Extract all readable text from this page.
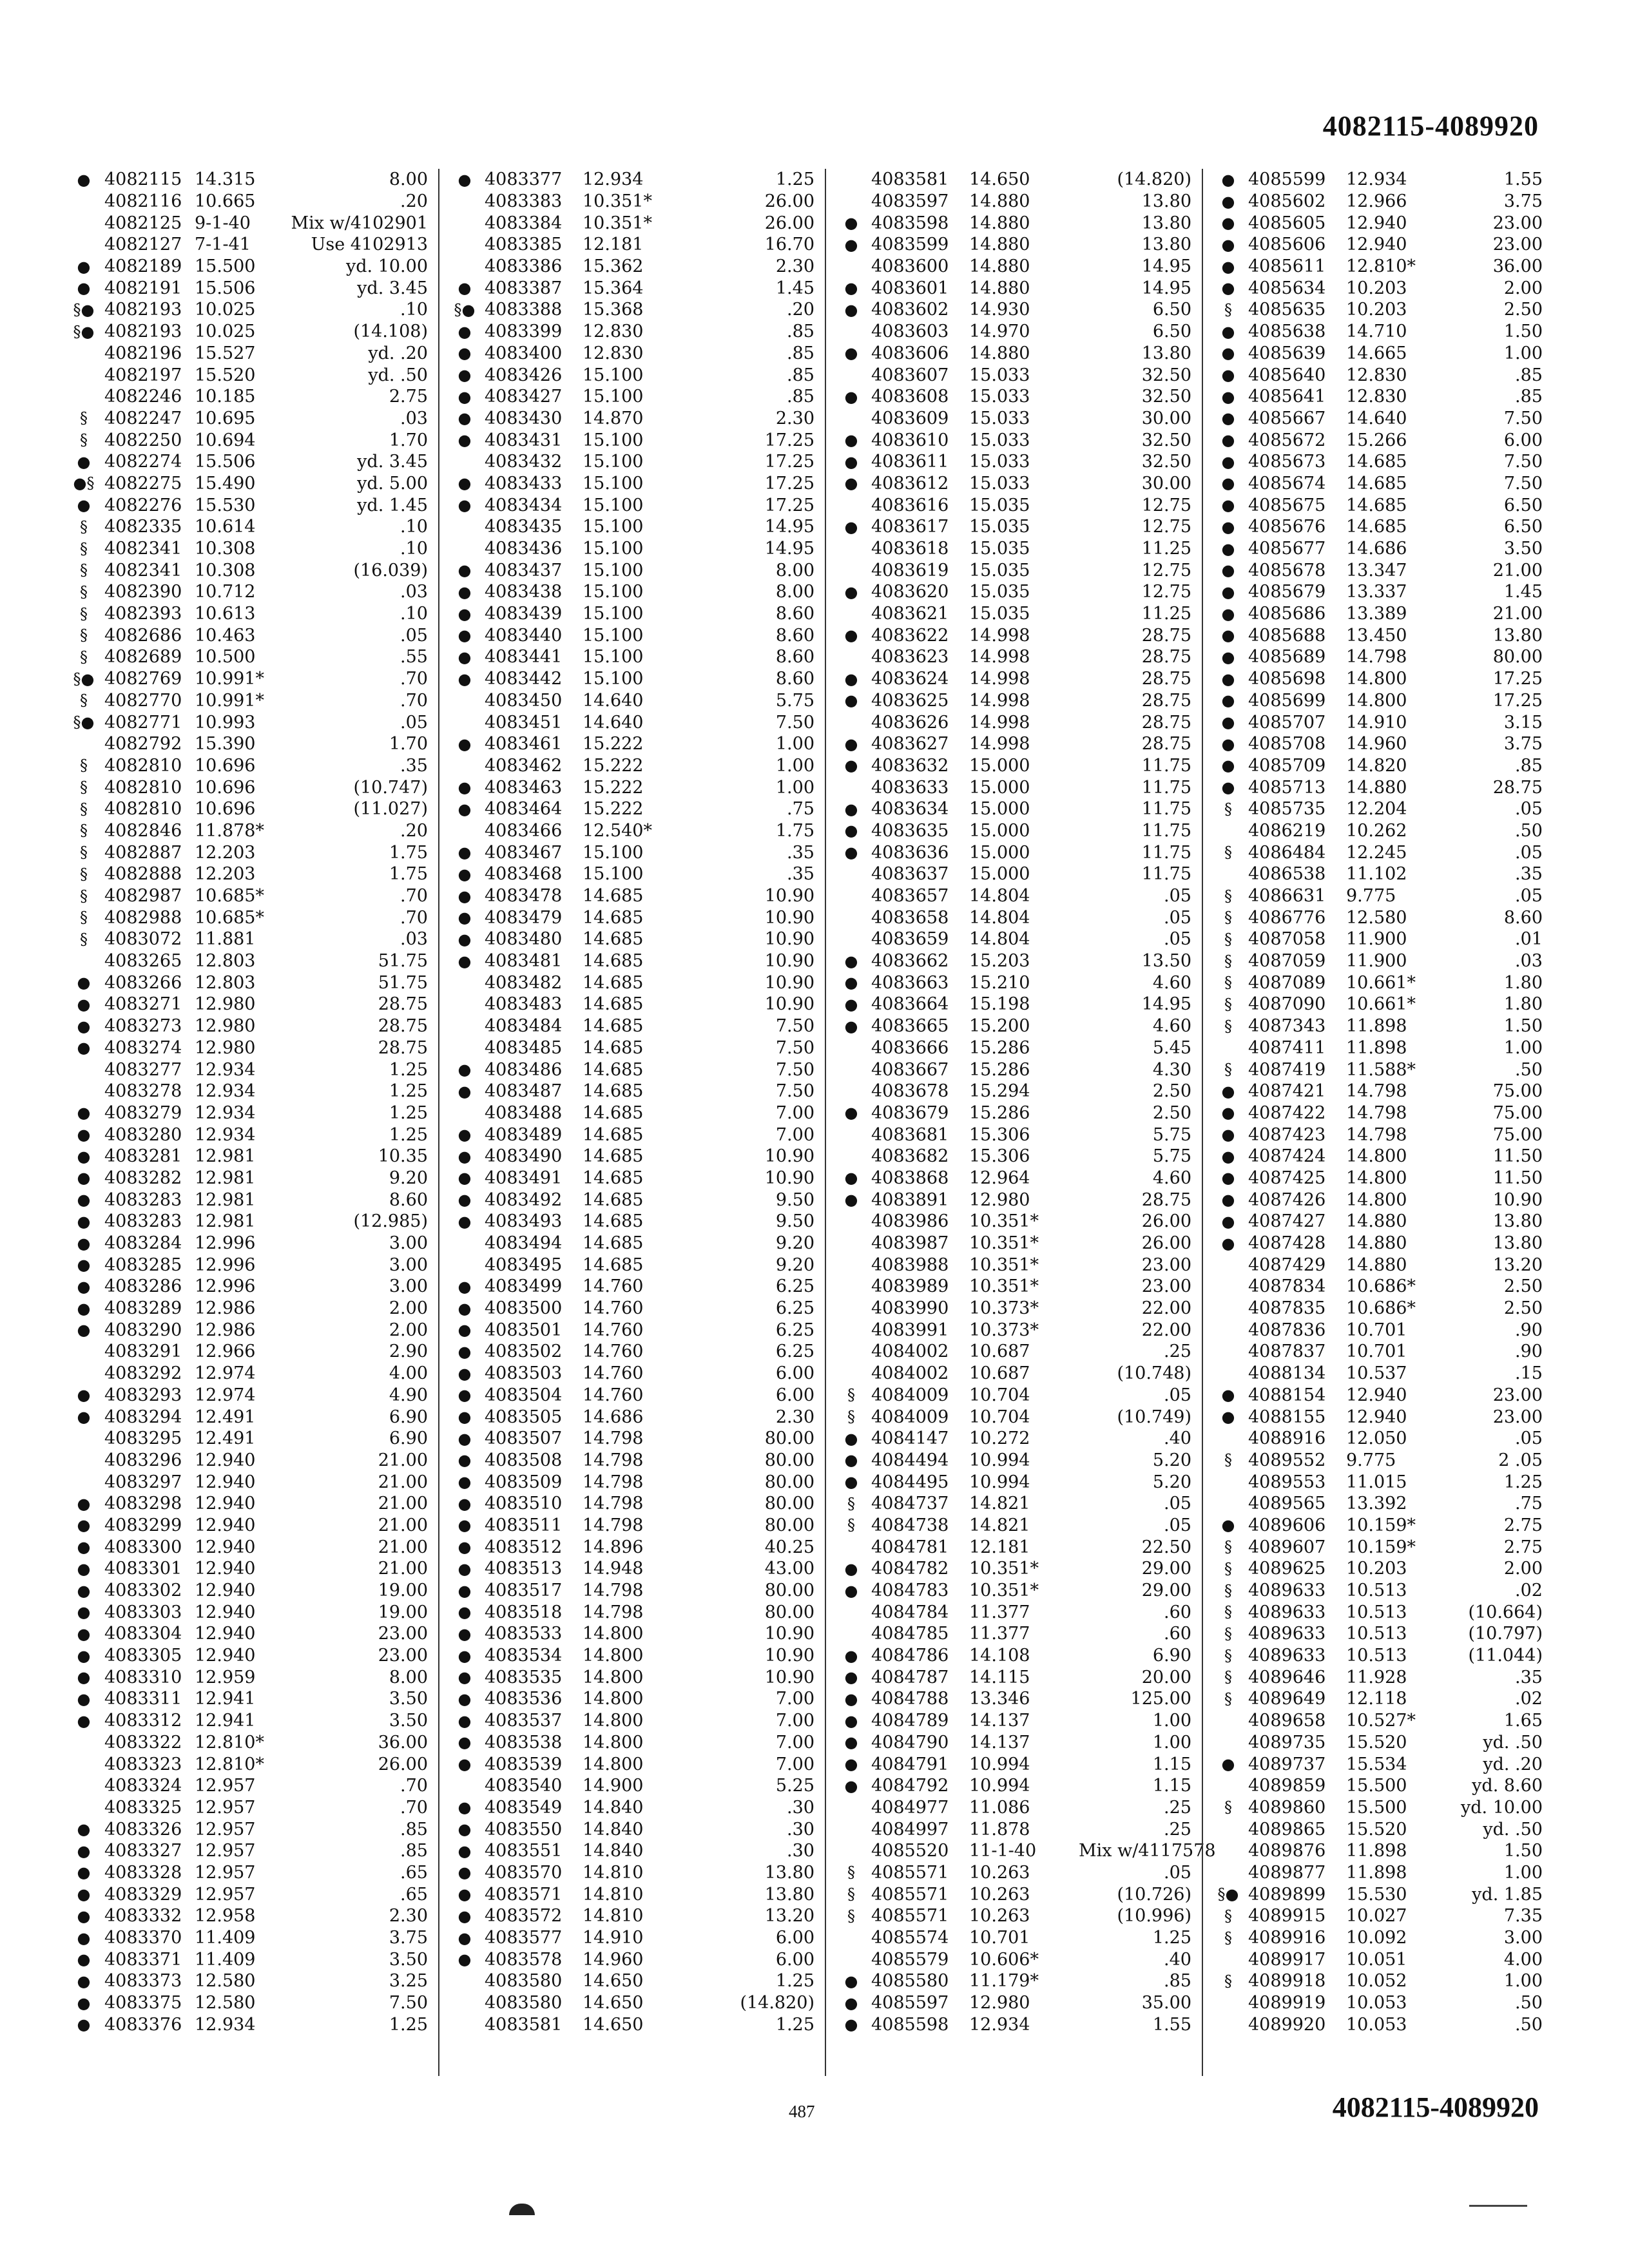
4082115-4089920
● 4082115 14.315	8.00
4082116 10.665	.20
4082125 9-1-40	Mix w/4102901
4082127 7-1-41	Use 4102913
● 4082189 15.500	yd. 10.00
● 4082191 15.506	yd. 3.45
§● 4082193 10.025	.10
§● 4082193 10.025	(14.108)
4082196 15.527	yd. .20
4082197 15.520	yd. .50
4082246 10.185	2.75
§ 4082247 10.695	.03
§ 4082250 10.694	1.70
● 4082274 15.506	yd. 3.45
●§ 4082275 15.490	yd. 5.00
● 4082276 15.530	yd. 1.45
§ 4082335 10.614	.10
§ 4082341 10.308	.10
§ 4082341 10.308	(16.039)
§ 4082390 10.712	.03
§ 4082393 10.613	.10
§ 4082686 10.463	.05
§ 4082689 10.500	.55
§● 4082769 10.991*	.70
§ 4082770 10.991*	.70
§● 4082771 10.993	.05
4082792 15.390	1.70
§ 4082810 10.696	.35
§ 4082810 10.696	(10.747)
§ 4082810 10.696	(11.027)
§ 4082846 11.878*	.20
§ 4082887 12.203	1.75
§ 4082888 12.203	1.75
§ 4082987 10.685*	.70
§ 4082988 10.685*	.70
§ 4083072 11.881	.03
4083265 12.803	51.75
● 4083266 12.803	51.75
● 4083271 12.980	28.75
● 4083273 12.980	28.75
● 4083274 12.980	28.75
4083277 12.934	1.25
4083278 12.934	1.25
● 4083279 12.934	1.25
● 4083280 12.934	1.25
● 4083281 12.981	10.35
● 4083282 12.981	9.20
● 4083283 12.981	8.60
● 4083283 12.981	(12.985)
● 4083284 12.996	3.00
● 4083285 12.996	3.00
● 4083286 12.996	3.00
● 4083289 12.986	2.00
● 4083290 12.986	2.00
4083291 12.966	2.90
4083292 12.974	4.00
● 4083293 12.974	4.90
● 4083294 12.491	6.90
4083295 12.491	6.90
4083296 12.940	21.00
4083297 12.940	21.00
● 4083298 12.940	21.00
● 4083299 12.940	21.00
● 4083300 12.940	21.00
● 4083301 12.940	21.00
● 4083302 12.940	19.00
● 4083303 12.940	19.00
● 4083304 12.940	23.00
● 4083305 12.940	23.00
● 4083310 12.959	8.00
● 4083311 12.941	3.50
● 4083312 12.941	3.50
4083322 12.810*	36.00
4083323 12.810*	26.00
4083324 12.957	.70
4083325 12.957	.70
● 4083326 12.957	.85
● 4083327 12.957	.85
● 4083328 12.957	.65
● 4083329 12.957	.65
● 4083332 12.958	2.30
● 4083370 11.409	3.75
● 4083371 11.409	3.50
● 4083373 12.580	3.25
● 4083375 12.580	7.50
● 4083376 12.934	1.25
● 4083377	12.934	1.25
4083383	10.351*	26.00
4083384	10.351*	26.00
4083385	12.181	16.70
4083386	15.362	2.30
● 4083387	15.364	1.45
§● 4083388	15.368	.20
● 4083399	12.830	.85
● 4083400	12.830	.85
● 4083426	15.100	.85
● 4083427	15.100	.85
● 4083430	14.870	2.30
● 4083431	15.100	17.25
4083432	15.100	17.25
● 4083433	15.100	17.25
● 4083434	15.100	17.25
4083435	15.100	14.95
4083436	15.100	14.95
● 4083437	15.100	8.00
● 4083438	15.100	8.00
● 4083439	15.100	8.60
● 4083440	15.100	8.60
● 4083441	15.100	8.60
● 4083442	15.100	8.60
4083450	14.640	5.75
4083451	14.640	7.50
● 4083461	15.222	1.00
4083462	15.222	1.00
● 4083463	15.222	1.00
● 4083464	15.222	.75
4083466	12.540*	1.75
● 4083467	15.100	.35
● 4083468	15.100	.35
● 4083478	14.685	10.90
● 4083479	14.685	10.90
● 4083480	14.685	10.90
● 4083481	14.685	10.90
4083482	14.685	10.90
4083483	14.685	10.90
4083484	14.685	7.50
4083485	14.685	7.50
● 4083486	14.685	7.50
● 4083487	14.685	7.50
4083488	14.685	7.00
● 4083489	14.685	7.00
● 4083490	14.685	10.90
● 4083491	14.685	10.90
● 4083492	14.685	9.50
● 4083493	14.685	9.50
4083494	14.685	9.20
4083495	14.685	9.20
● 4083499	14.760	6.25
● 4083500	14.760	6.25
● 4083501	14.760	6.25
● 4083502	14.760	6.25
● 4083503	14.760	6.00
● 4083504	14.760	6.00
● 4083505	14.686	2.30
● 4083507	14.798	80.00
● 4083508	14.798	80.00
● 4083509	14.798	80.00
● 4083510	14.798	80.00
● 4083511	14.798	80.00
● 4083512	14.896	40.25
● 4083513	14.948	43.00
● 4083517	14.798	80.00
● 4083518	14.798	80.00
● 4083533	14.800	10.90
● 4083534	14.800	10.90
● 4083535	14.800	10.90
● 4083536	14.800	7.00
● 4083537	14.800	7.00
● 4083538	14.800	7.00
● 4083539	14.800	7.00
4083540	14.900	5.25
● 4083549	14.840	.30
● 4083550	14.840	.30
● 4083551	14.840	.30
● 4083570	14.810	13.80
● 4083571	14.810	13.80
● 4083572	14.810	13.20
● 4083577	14.910	6.00
● 4083578	14.960	6.00
4083580	14.650	1.25
4083580	14.650	(14.820)
4083581	14.650	1.25
4083581	14.650	(14.820)
4083597	14.880	13.80
● 4083598	14.880	13.80
● 4083599	14.880	13.80
4083600	14.880	14.95
● 4083601	14.880	14.95
● 4083602	14.930	6.50
4083603	14.970	6.50
● 4083606	14.880	13.80
4083607	15.033	32.50
● 4083608	15.033	32.50
4083609	15.033	30.00
● 4083610	15.033	32.50
● 4083611	15.033	32.50
● 4083612	15.033	30.00
4083616	15.035	12.75
● 4083617	15.035	12.75
4083618	15.035	11.25
4083619	15.035	12.75
● 4083620	15.035	12.75
4083621	15.035	11.25
● 4083622	14.998	28.75
4083623	14.998	28.75
● 4083624	14.998	28.75
● 4083625	14.998	28.75
4083626	14.998	28.75
● 4083627	14.998	28.75
● 4083632	15.000	11.75
4083633	15.000	11.75
● 4083634	15.000	11.75
● 4083635	15.000	11.75
● 4083636	15.000	11.75
4083637	15.000	11.75
4083657	14.804	.05
4083658	14.804	.05
4083659	14.804	.05
● 4083662	15.203	13.50
● 4083663	15.210	4.60
● 4083664	15.198	14.95
● 4083665	15.200	4.60
4083666	15.286	5.45
4083667	15.286	4.30
4083678	15.294	2.50
● 4083679	15.286	2.50
4083681	15.306	5.75
4083682	15.306	5.75
● 4083868	12.964	4.60
● 4083891	12.980	28.75
4083986	10.351*	26.00
4083987	10.351*	26.00
4083988	10.351*	23.00
4083989	10.351*	23.00
4083990	10.373*	22.00
4083991	10.373*	22.00
4084002	10.687	.25
4084002	10.687	(10.748)
§ 4084009	10.704	.05
§ 4084009	10.704	(10.749)
● 4084147	10.272	.40
● 4084494	10.994	5.20
● 4084495	10.994	5.20
§ 4084737	14.821	.05
§ 4084738	14.821	.05
4084781	12.181	22.50
● 4084782	10.351*	29.00
● 4084783	10.351*	29.00
4084784	11.377	.60
4084785	11.377	.60
● 4084786	14.108	6.90
● 4084787	14.115	20.00
● 4084788	13.346	125.00
● 4084789	14.137	1.00
● 4084790	14.137	1.00
● 4084791	10.994	1.15
● 4084792	10.994	1.15
4084977	11.086	.25
4084997	11.878	.25
4085520	11-1-40	Mix w/4117578
§ 4085571	10.263	.05
§ 4085571	10.263	(10.726)
§ 4085571	10.263	(10.996)
4085574	10.701	1.25
4085579	10.606*	.40
● 4085580	11.179*	.85
● 4085597	12.980	35.00
● 4085598	12.934	1.55
● 4085599	12.934	1.55
● 4085602	12.966	3.75
● 4085605	12.940	23.00
● 4085606	12.940	23.00
● 4085611	12.810*	36.00
● 4085634	10.203	2.00
§ 4085635	10.203	2.50
● 4085638	14.710	1.50
● 4085639	14.665	1.00
● 4085640	12.830	.85
● 4085641	12.830	.85
● 4085667	14.640	7.50
● 4085672	15.266	6.00
● 4085673	14.685	7.50
● 4085674	14.685	7.50
● 4085675	14.685	6.50
● 4085676	14.685	6.50
● 4085677	14.686	3.50
● 4085678	13.347	21.00
● 4085679	13.337	1.45
● 4085686	13.389	21.00
● 4085688	13.450	13.80
● 4085689	14.798	80.00
● 4085698	14.800	17.25
● 4085699	14.800	17.25
● 4085707	14.910	3.15
● 4085708	14.960	3.75
● 4085709	14.820	.85
● 4085713	14.880	28.75
§ 4085735	12.204	.05
4086219	10.262	.50
§ 4086484	12.245	.05
4086538	11.102	.35
§ 4086631	9.775	.05
§ 4086776	12.580	8.60
§ 4087058	11.900	.01
§ 4087059	11.900	.03
§ 4087089	10.661*	1.80
§ 4087090	10.661*	1.80
§ 4087343	11.898	1.50
4087411	11.898	1.00
§ 4087419	11.588*	.50
● 4087421	14.798	75.00
● 4087422	14.798	75.00
● 4087423	14.798	75.00
● 4087424	14.800	11.50
● 4087425	14.800	11.50
● 4087426	14.800	10.90
● 4087427	14.880	13.80
● 4087428	14.880	13.80
4087429	14.880	13.20
4087834	10.686*	2.50
4087835	10.686*	2.50
4087836	10.701	.90
4087837	10.701	.90
4088134	10.537	.15
● 4088154	12.940	23.00
● 4088155	12.940	23.00
4088916	12.050	.05
§ 4089552	9.775	2 .05
4089553	11.015	1.25
4089565	13.392	.75
● 4089606	10.159*	2.75
§ 4089607	10.159*	2.75
§ 4089625	10.203	2.00
§ 4089633	10.513	.02
§ 4089633	10.513	(10.664)
§ 4089633	10.513	(10.797)
§ 4089633	10.513	(11.044)
§ 4089646	11.928	.35
§ 4089649	12.118	.02
4089658	10.527*	1.65
4089735	15.520	yd. .50
● 4089737	15.534	yd. .20
4089859	15.500	yd. 8.60
§ 4089860	15.500	yd. 10.00
4089865	15.520	yd. .50
4089876	11.898	1.50
4089877	11.898	1.00
§● 4089899	15.530	yd. 1.85
§ 4089915	10.027	7.35
§ 4089916	10.092	3.00
4089917	10.051	4.00
§ 4089918	10.052	1.00
4089919	10.053	.50
4089920	10.053	.50
487	4082115-4089920
